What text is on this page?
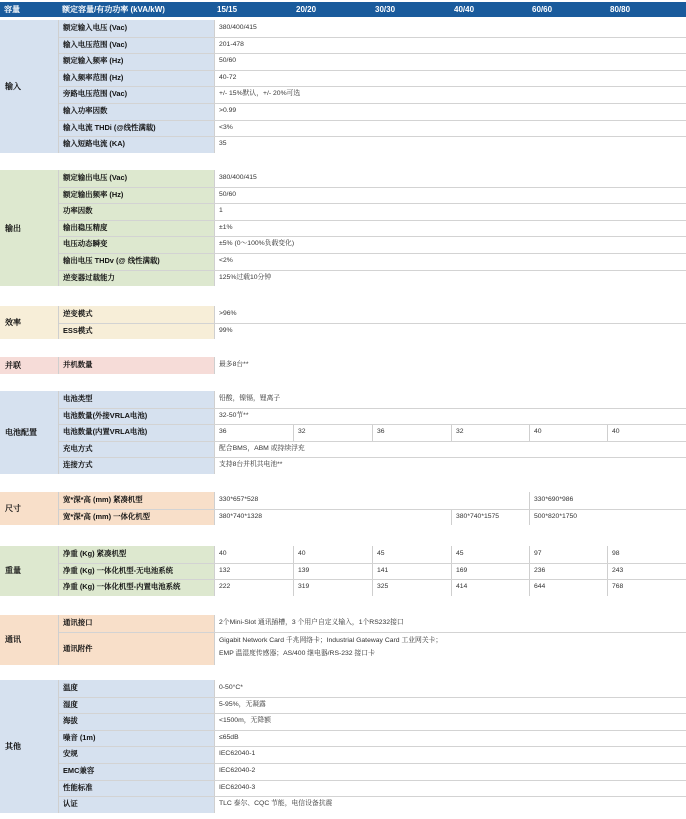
容量	额定容量/有功功率 (kVA/kW)	15/15	20/20	30/30	40/40	60/60	80/80
输入
额定输入电压 (Vac)	380/400/415
输入电压范围 (Vac)	201-478
额定输入频率 (Hz)	50/60
输入频率范围 (Hz)	40-72
旁路电压范围 (Vac)	+/- 15%默认，+/- 20%可选
输入功率因数	>0.99
输入电流 THDi (@线性满载)	<3%
输入短路电流 (KA)	35
输出
额定输出电压 (Vac)	380/400/415
额定输出频率 (Hz)	50/60
功率因数	1
输出稳压精度	±1%
电压动态瞬变	±5% (0～100%负载变化)
输出电压 THDv (@ 线性满载)	<2%
逆变器过载能力	125%过载10分钟
效率
逆变模式	>96%
ESS模式	99%
并联	并机数量	最多8台**
电池配置
电池类型	铅酸，镍镉，锂离子
电池数量(外接VRLA电池)	32-50节**
电池数量(内置VRLA电池)	36	32	36	32	40	40
充电方式	配合BMS，ABM 或持续浮充
连接方式	支持8台并机共电池**
尺寸
宽*深*高 (mm) 紧凑机型	330*657*528	330*690*986
宽*深*高 (mm) 一体化机型	380*740*1328	380*740*1575	500*820*1750
重量
净重 (Kg) 紧凑机型	40	40	45	45	97	98
净重 (Kg) 一体化机型-无电池系统	132	139	141	169	236	243
净重 (Kg) 一体化机型-内置电池系统	222	319	325	414	644	768
通讯
通讯接口	2个Mini-Slot 通讯插槽，3 个用户自定义输入，1个RS232接口
通讯附件
Gigabit Network Card 千兆网络卡；Industrial Gateway Card 工业网关卡；
EMP 温湿度传感器；AS/400 继电器/RS-232 接口卡
其他
温度	0-50°C*
湿度	5-95%，无凝露
海拔	<1500m，无降额
噪音 (1m)	≤65dB
安规	IEC62040-1
EMC兼容	IEC62040-2
性能标准	IEC62040-3
认证	TLC 泰尔、CQC 节能，电信设备抗震
